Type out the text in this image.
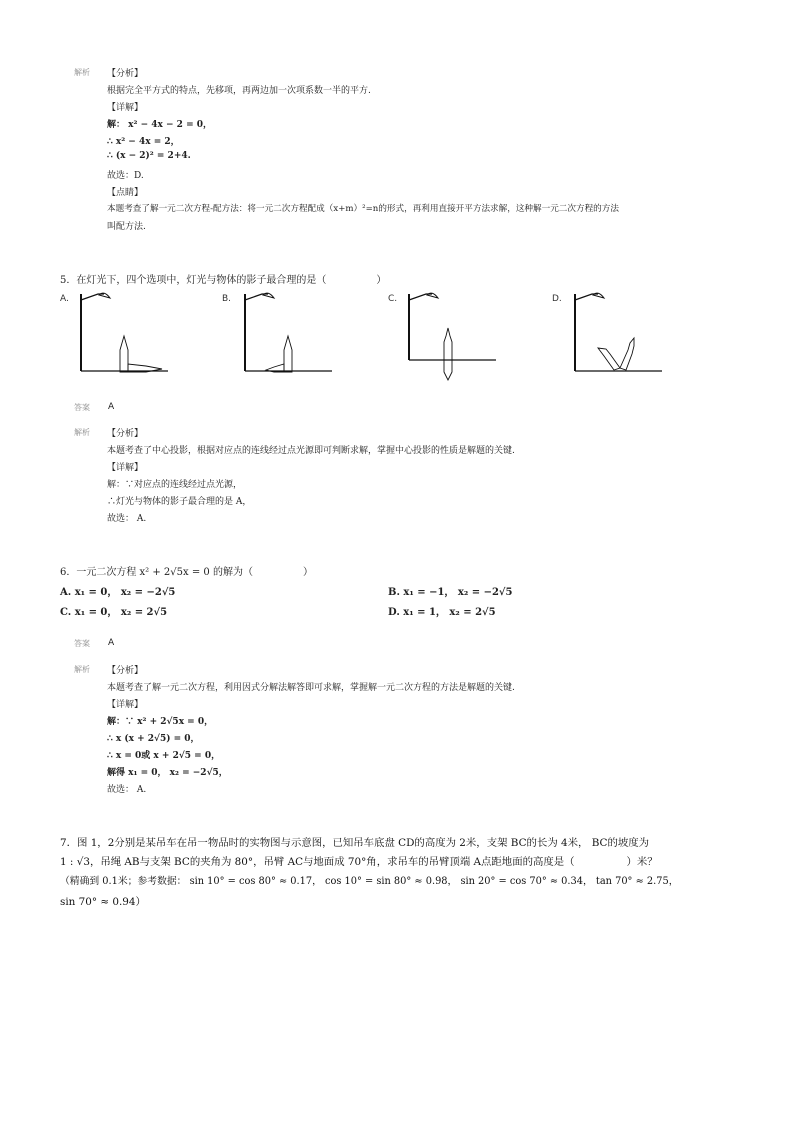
解析 【分析】
根据完全平方式的特点，先移项，再两边加一次项系数一半的平方.
【详解】
解： x² − 4x − 2 = 0，
∴ x² − 4x = 2，
∴ (x − 2)² = 2+4.
故选：D.
【点睛】
本题考查了解一元二次方程-配方法：将一元二次方程配成（x+m）²=n的形式，再利用直接开平方法求解，这种解一元二次方程的方法
叫配方法.
5．在灯光下，四个选项中，灯光与物体的影子最合理的是（　　　　　）
A.	B.	C.	D.
答案 A
解析 【分析】
本题考查了中心投影，根据对应点的连线经过点光源即可判断求解，掌握中心投影的性质是解题的关键.
【详解】
解：∵对应点的连线经过点光源，
∴灯光与物体的影子最合理的是 A，
故选： A.
6．一元二次方程 x² + 2√5x = 0 的解为（　　　　　）
A. x₁ = 0， x₂ = −2√5	B. x₁ = −1， x₂ = −2√5
C. x₁ = 0， x₂ = 2√5	D. x₁ = 1， x₂ = 2√5
答案 A
解析 【分析】
本题考查了解一元二次方程，利用因式分解法解答即可求解，掌握解一元二次方程的方法是解题的关键.
【详解】
解：∵ x² + 2√5x = 0，
∴ x (x + 2√5) = 0，
∴ x = 0或 x + 2√5 = 0，
解得 x₁ = 0， x₂ = −2√5，
故选： A.
7．图 1，2分别是某吊车在吊一物品时的实物图与示意图，已知吊车底盘 CD的高度为 2米，支架 BC的长为 4米， BC的坡度为
1 : √3，吊绳 AB与支架 BC的夹角为 80°，吊臂 AC与地面成 70°角，求吊车的吊臂顶端 A点距地面的高度是（　　　　　）米？
（精确到 0.1米；参考数据： sin 10° = cos 80° ≈ 0.17， cos 10° = sin 80° ≈ 0.98， sin 20° = cos 70° ≈ 0.34， tan 70° ≈ 2.75，
sin 70° ≈ 0.94）
